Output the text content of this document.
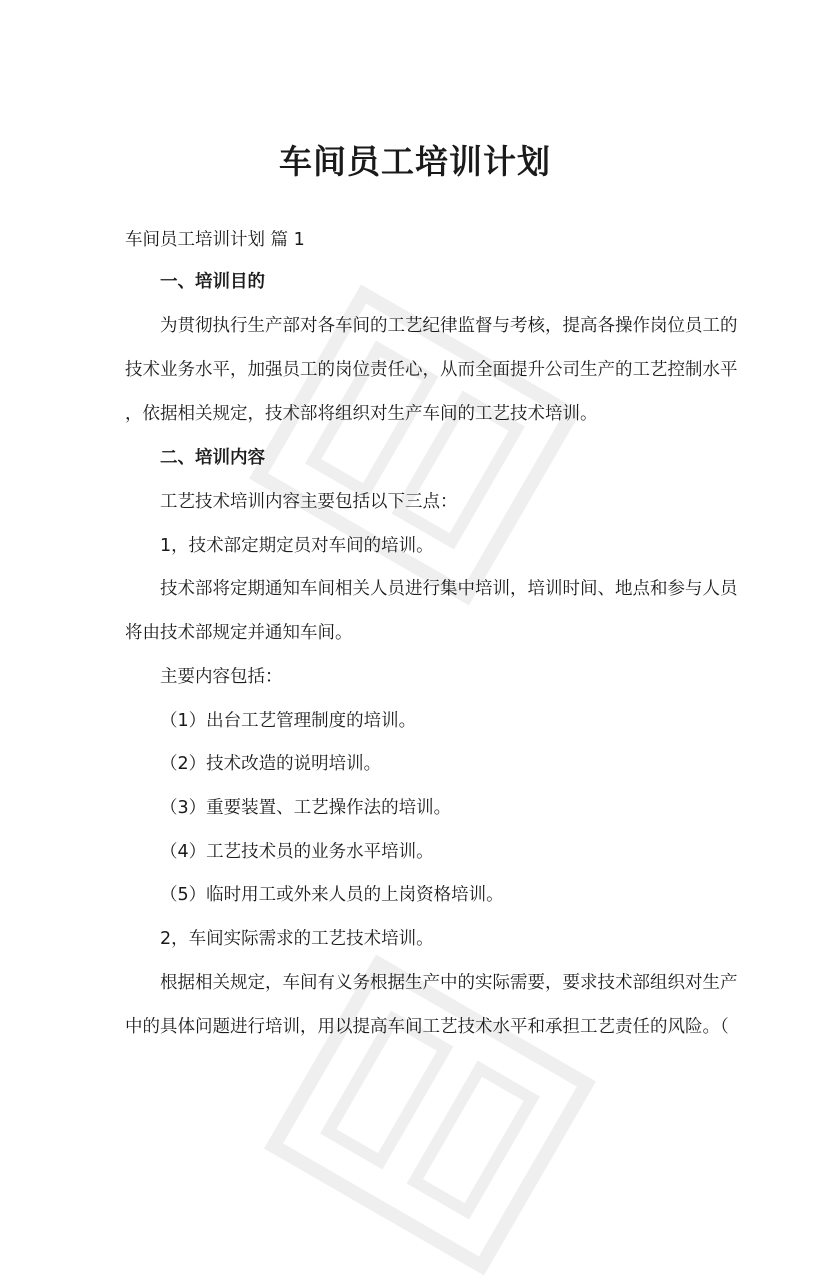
车间员工培训计划
车间员工培训计划 篇 1
一、培训目的
为贯彻执行生产部对各车间的工艺纪律监督与考核，提高各操作岗位员工的
技术业务水平，加强员工的岗位责任心，从而全面提升公司生产的工艺控制水平
，依据相关规定，技术部将组织对生产车间的工艺技术培训。
二、培训内容
工艺技术培训内容主要包括以下三点：
1，技术部定期定员对车间的培训。
技术部将定期通知车间相关人员进行集中培训，培训时间、地点和参与人员
将由技术部规定并通知车间。
主要内容包括：
（1）出台工艺管理制度的培训。
（2）技术改造的说明培训。
（3）重要装置、工艺操作法的培训。
（4）工艺技术员的业务水平培训。
（5）临时用工或外来人员的上岗资格培训。
2，车间实际需求的工艺技术培训。
根据相关规定，车间有义务根据生产中的实际需要，要求技术部组织对生产
中的具体问题进行培训，用以提高车间工艺技术水平和承担工艺责任的风险。（
